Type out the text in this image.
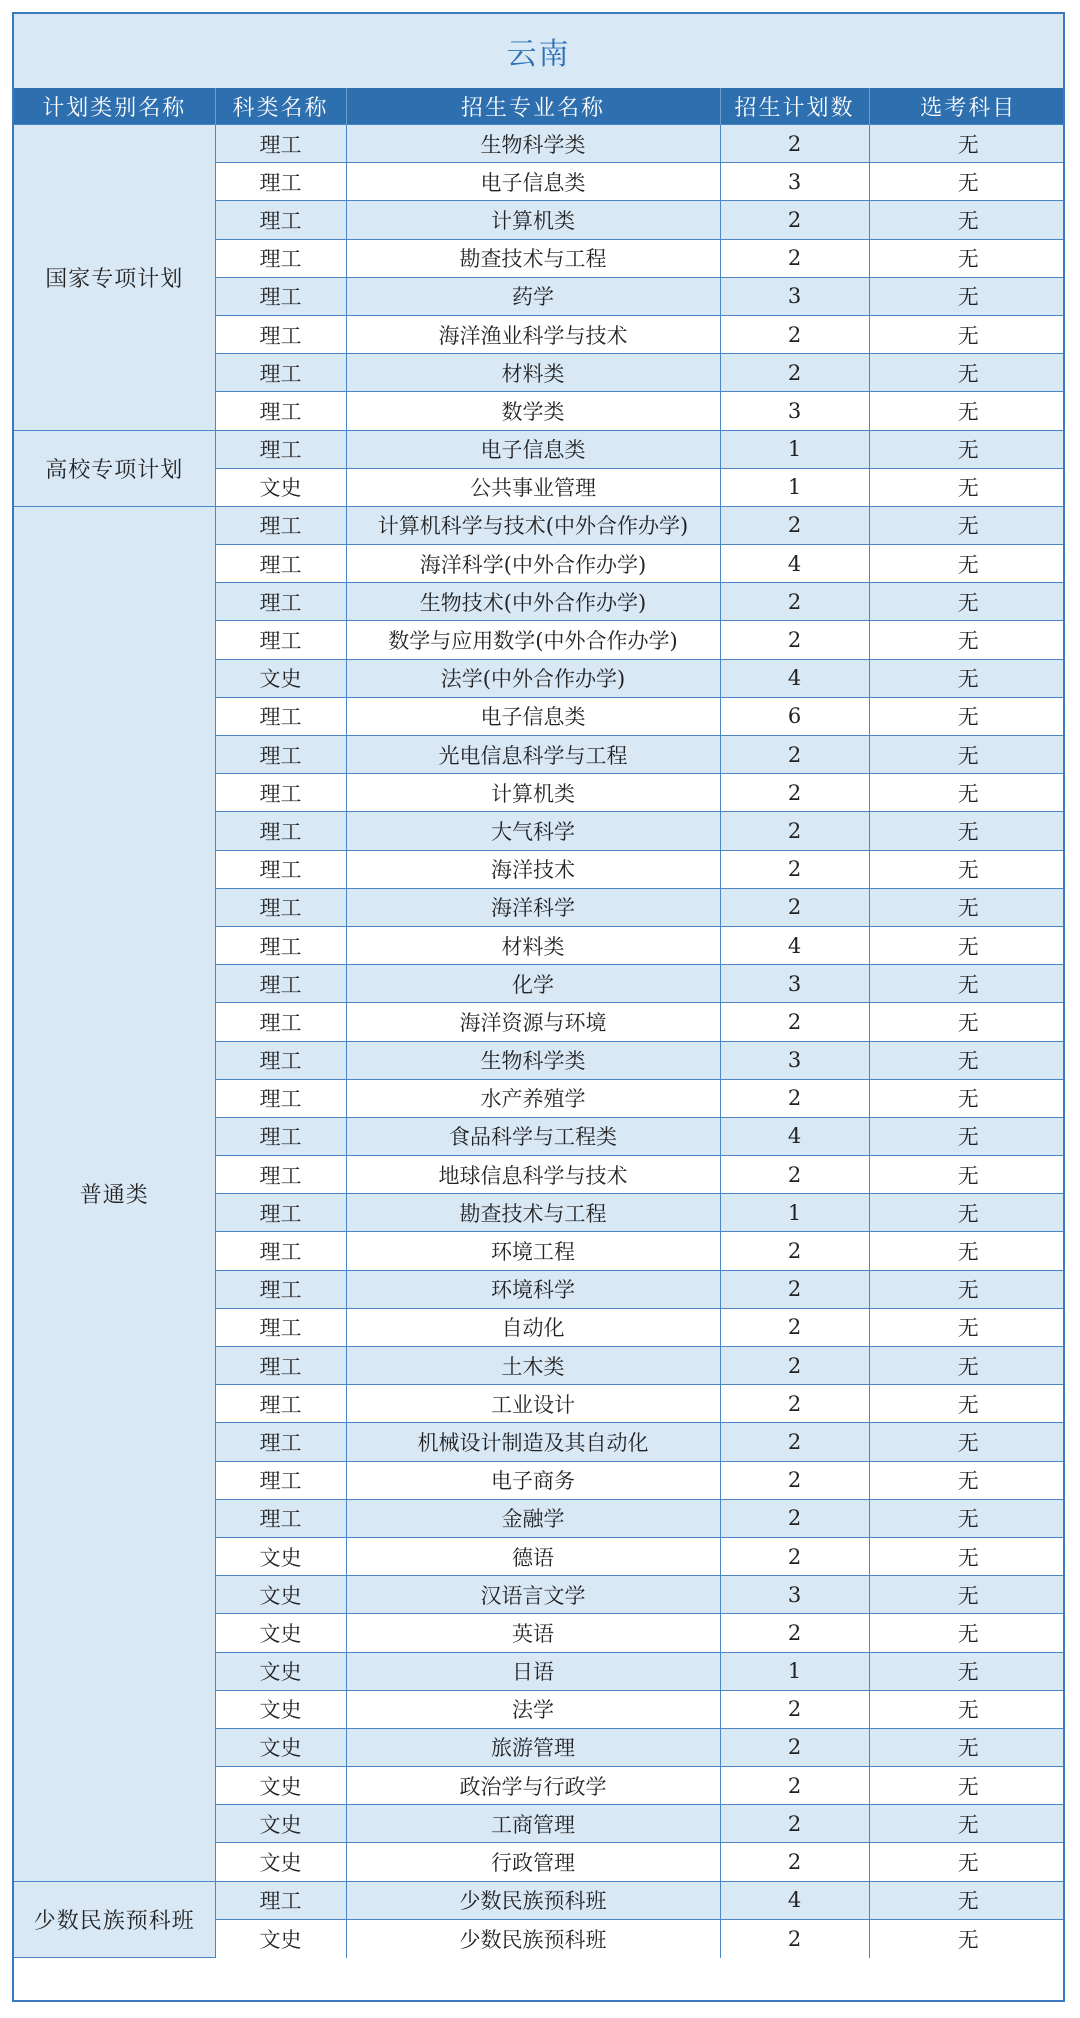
云南
计划类别名称	科类名称	招生专业名称	招生计划数	选考科目
国家专项计划	理工	生物科学类	2	无
	理工	电子信息类	3	无
	理工	计算机类	2	无
	理工	勘查技术与工程	2	无
	理工	药学	3	无
	理工	海洋渔业科学与技术	2	无
	理工	材料类	2	无
	理工	数学类	3	无
高校专项计划	理工	电子信息类	1	无
	文史	公共事业管理	1	无
普通类	理工	计算机科学与技术(中外合作办学)	2	无
	理工	海洋科学(中外合作办学)	4	无
	理工	生物技术(中外合作办学)	2	无
	理工	数学与应用数学(中外合作办学)	2	无
	文史	法学(中外合作办学)	4	无
	理工	电子信息类	6	无
	理工	光电信息科学与工程	2	无
	理工	计算机类	2	无
	理工	大气科学	2	无
	理工	海洋技术	2	无
	理工	海洋科学	2	无
	理工	材料类	4	无
	理工	化学	3	无
	理工	海洋资源与环境	2	无
	理工	生物科学类	3	无
	理工	水产养殖学	2	无
	理工	食品科学与工程类	4	无
	理工	地球信息科学与技术	2	无
	理工	勘查技术与工程	1	无
	理工	环境工程	2	无
	理工	环境科学	2	无
	理工	自动化	2	无
	理工	土木类	2	无
	理工	工业设计	2	无
	理工	机械设计制造及其自动化	2	无
	理工	电子商务	2	无
	理工	金融学	2	无
	文史	德语	2	无
	文史	汉语言文学	3	无
	文史	英语	2	无
	文史	日语	1	无
	文史	法学	2	无
	文史	旅游管理	2	无
	文史	政治学与行政学	2	无
	文史	工商管理	2	无
	文史	行政管理	2	无
少数民族预科班	理工	少数民族预科班	4	无
	文史	少数民族预科班	2	无
